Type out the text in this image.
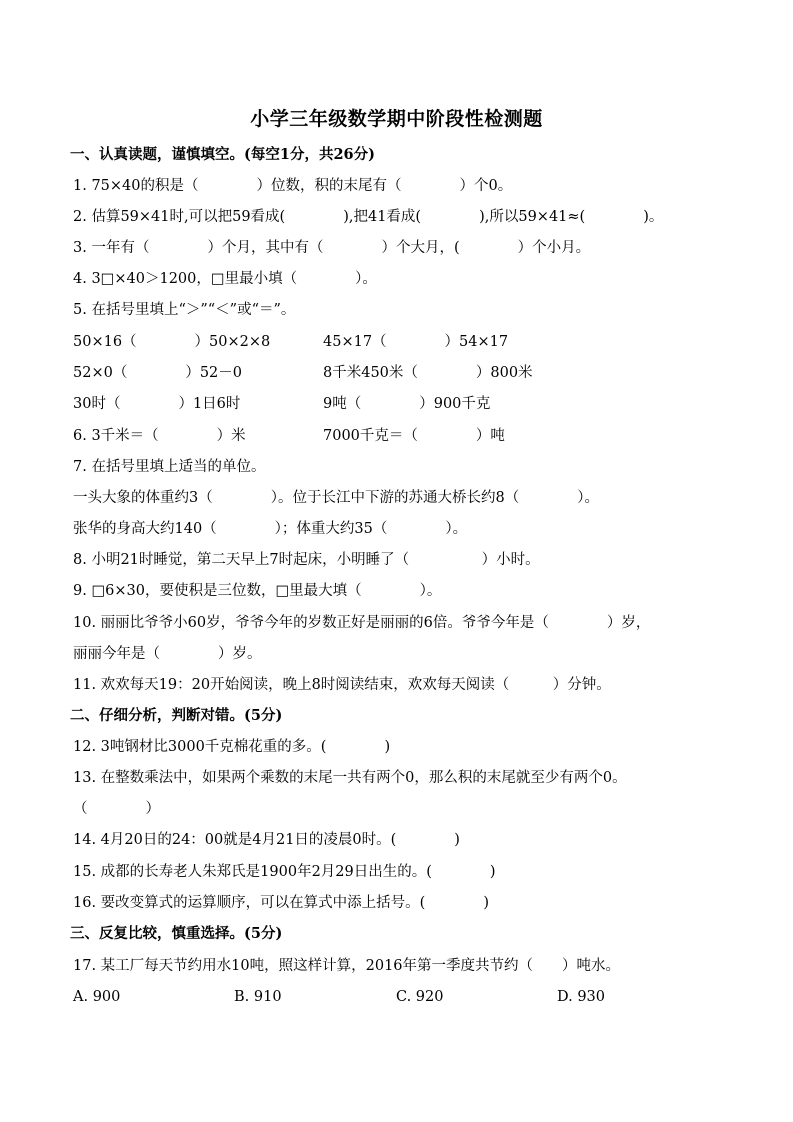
小学三年级数学期中阶段性检测题
一、认真读题，谨慎填空。(每空1分，共26分)
1. 75×40的积是（　　　　）位数，积的末尾有（　　　　）个0。
2. 估算59×41时,可以把59看成(　　　　),把41看成(　　　　),所以59×41≈(　　　　)。
3. 一年有（　　　　）个月，其中有（　　　　）个大月，(　　　　）个小月。
4. 3□×40＞1200，□里最小填（　　　　）。
5. 在括号里填上“＞”“＜”或“＝”。
50×16（　　　　）50×2×8	45×17（　　　　）54×17
52×0（　　　　）52－0	8千米450米（　　　　）800米
30时（　　　　）1日6时	9吨（　　　　）900千克
6. 3千米＝（　　　　）米	7000千克＝（　　　　）吨
7. 在括号里填上适当的单位。
一头大象的体重约3（　　　　）。位于长江中下游的苏通大桥长约8（　　　　）。
张华的身高大约140（　　　　）；体重大约35（　　　　）。
8. 小明21时睡觉，第二天早上7时起床，小明睡了（　　　　　）小时。
9. □6×30，要使积是三位数，□里最大填（　　　　）。
10. 丽丽比爷爷小60岁，爷爷今年的岁数正好是丽丽的6倍。爷爷今年是（　　　　）岁，
丽丽今年是（　　　　）岁。
11. 欢欢每天19：20开始阅读，晚上8时阅读结束，欢欢每天阅读（　　　）分钟。
二、仔细分析，判断对错。(5分)
12. 3吨钢材比3000千克棉花重的多。(　　　　)
13. 在整数乘法中，如果两个乘数的末尾一共有两个0，那么积的末尾就至少有两个0。
（　　　　）
14. 4月20日的24：00就是4月21日的凌晨0时。(　　　　)
15. 成都的长寿老人朱郑氏是1900年2月29日出生的。(　　　　)
16. 要改变算式的运算顺序，可以在算式中添上括号。(　　　　)
三、反复比较，慎重选择。(5分)
17. 某工厂每天节约用水10吨，照这样计算，2016年第一季度共节约（　　）吨水。
A. 900	B. 910	C. 920	D. 930
